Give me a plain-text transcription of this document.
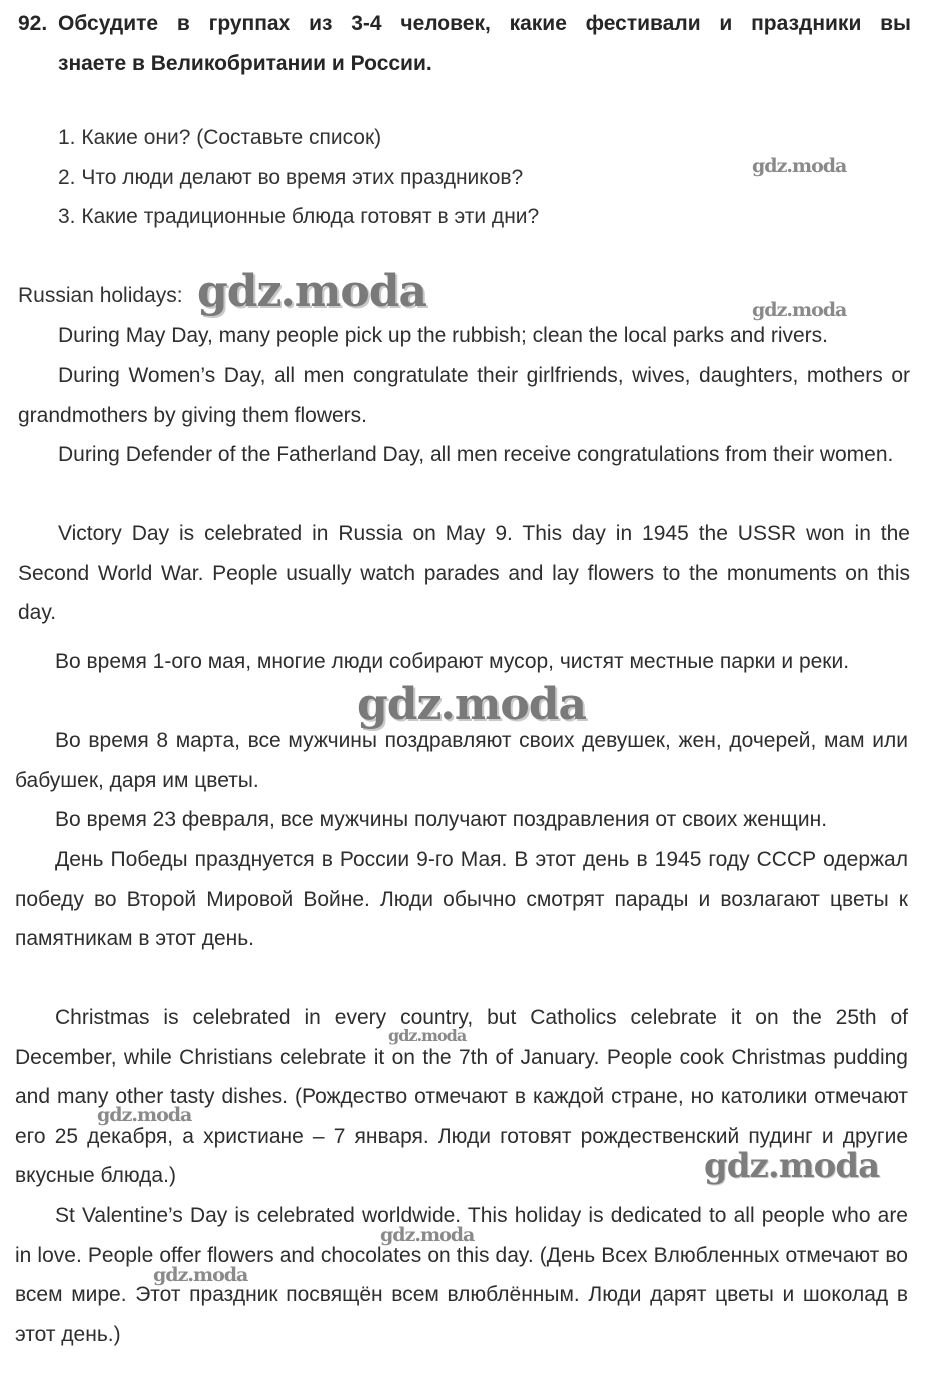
92. Обсудите в группах из 3-4 человек, какие фестивали и праздники вы
знаете в Великобритании и России.
1. Какие они? (Составьте список)
2. Что люди делают во время этих праздников?
3. Какие традиционные блюда готовят в эти дни?
Russian holidays:

During May Day, many people pick up the rubbish; clean the local parks and rivers.

During Women’s Day, all men congratulate their girlfriends, wives, daughters, mothers or grandmothers by giving them flowers.

During Defender of the Fatherland Day, all men receive congratulations from their women.

Victory Day is celebrated in Russia on May 9. This day in 1945 the USSR won in the Second World War. People usually watch parades and lay flowers to the monuments on this day.

Во время 1-ого мая, многие люди собирают мусор, чистят местные парки и реки.

Во время 8 марта, все мужчины поздравляют своих девушек, жен, дочерей, мам или бабушек, даря им цветы.

Во время 23 февраля, все мужчины получают поздравления от своих женщин.

День Победы празднуется в России 9-го Мая. В этот день в 1945 году СССР одержал победу во Второй Мировой Войне. Люди обычно смотрят парады и возлагают цветы к памятникам в этот день.

Christmas is celebrated in every country, but Catholics celebrate it on the 25th of December, while Christians celebrate it on the 7th of January. People cook Christmas pudding and many other tasty dishes. (Рождество отмечают в каждой стране, но католики отмечают его 25 декабря, а христиане – 7 января. Люди готовят рождественский пудинг и другие вкусные блюда.)

St Valentine’s Day is celebrated worldwide. This holiday is dedicated to all people who are in love. People offer flowers and chocolates on this day. (День Всех Влюбленных отмечают во всем мире. Этот праздник посвящён всем влюблённым. Люди дарят цветы и шоколад в этот день.)

gdz.moda
gdz.moda	gdz.moda
gdz.moda
gdz.moda
gdz.moda
gdz.moda
gdz.moda
gdz.moda
